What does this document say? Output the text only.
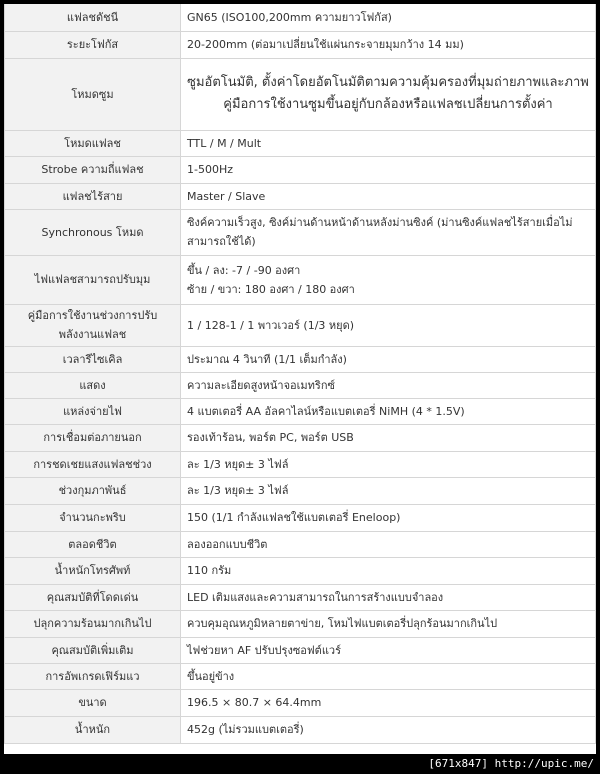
แฟลชดัชนี	GN65 (ISO100,200mm ความยาวโฟกัส)
ระยะโฟกัส	20-200mm (ต่อมาเปลี่ยนใช้แผ่นกระจายมุมกว้าง 14 มม)
โหมดซูม	ซูมอัตโนมัติ, ตั้งค่าโดยอัตโนมัติตามความคุ้มครองที่มุมถ่ายภาพและภาพคู่มือการใช้งานซูมขึ้นอยู่กับกล้องหรือแฟลชเปลี่ยนการตั้งค่า
โหมดแฟลช	TTL / M / Mult
Strobe ความถี่แฟลช	1-500Hz
แฟลชไร้สาย	Master / Slave
Synchronous โหมด	ซิงค์ความเร็วสูง, ซิงค์ม่านด้านหน้าด้านหลังม่านซิงค์ (ม่านซิงค์แฟลชไร้สายเมื่อไม่สามารถใช้ได้)
ไฟแฟลชสามารถปรับมุม	ขึ้น / ลง: -7 / -90 องศา
ซ้าย / ขวา: 180 องศา / 180 องศา

คู่มือการใช้งานช่วงการปรับพลังงานแฟลช	1 / 128-1 / 1 พาวเวอร์ (1/3 หยุด)
เวลารีไซเคิล	ประมาณ 4 วินาที (1/1 เต็มกำลัง)
แสดง	ความละเอียดสูงหน้าจอเมทริกซ์
แหล่งจ่ายไฟ	4 แบตเตอรี่ AA อัลคาไลน์หรือแบตเตอรี่ NiMH (4 * 1.5V)
การเชื่อมต่อภายนอก	รองเท้าร้อน, พอร์ต PC, พอร์ต USB
การชดเชยแสงแฟลชช่วง	ละ 1/3 หยุด± 3 ไฟล์
ช่วงกุมภาพันธ์	ละ 1/3 หยุด± 3 ไฟล์
จำนวนกะพริบ	150 (1/1 กำลังแฟลชใช้แบตเตอรี่ Eneloop)
ตลอดชีวิต	ลองออกแบบชีวิต
น้ำหนักโทรศัพท์	110 กรัม
คุณสมบัติที่โดดเด่น	LED เติมแสงและความสามารถในการสร้างแบบจำลอง
ปลุกความร้อนมากเกินไป	ควบคุมอุณหภูมิหลายตาข่าย, โหมไฟแบตเตอรี่ปลุกร้อนมากเกินไป
คุณสมบัติเพิ่มเติม	ไฟช่วยหา AF ปรับปรุงซอฟต์แวร์
การอัพเกรดเฟิร์มแว	ขึ้นอยู่ข้าง
ขนาด	196.5 × 80.7 × 64.4mm
น้ำหนัก	452g (ไม่รวมแบตเตอรี่)
[671x847] http://upic.me/
